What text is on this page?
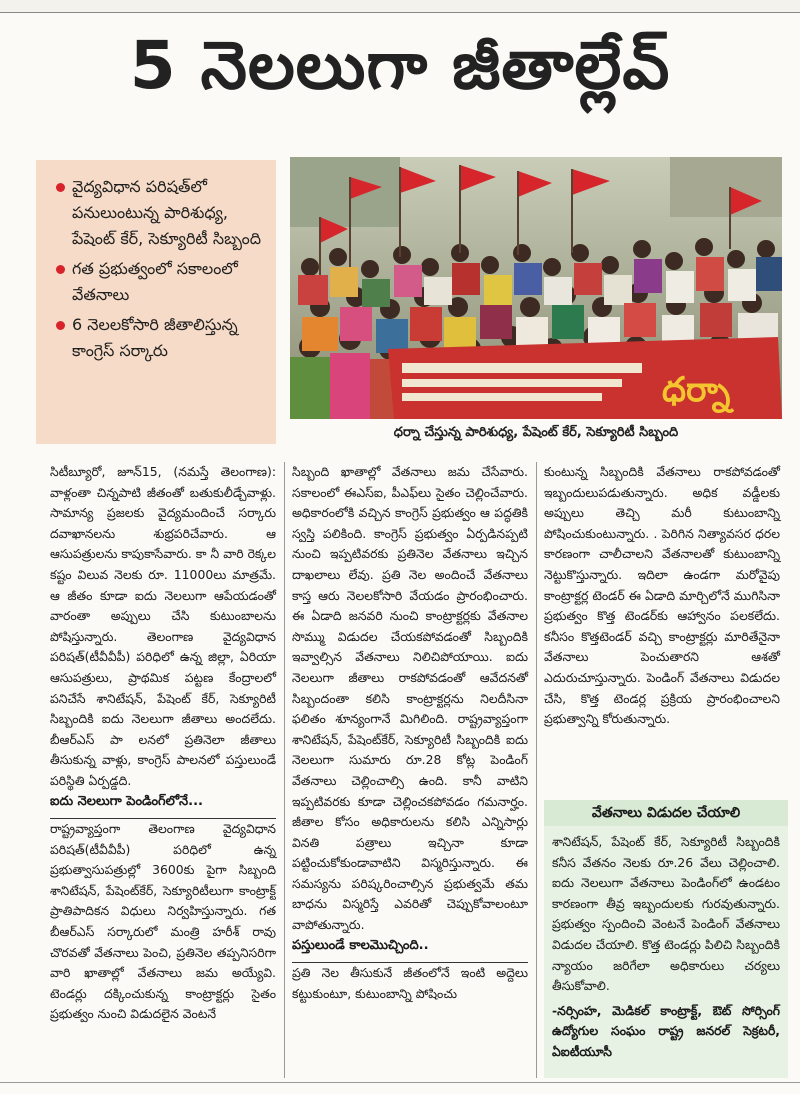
5 నెలలుగా జీతాల్లేవ్
వైద్యవిధాన పరిషత్‌లో పనులుంటున్న పారిశుధ్య, పేషెంట్ కేర్, సెక్యూరిటీ సిబ్బంది
గత ప్రభుత్వంలో సకాలంలో వేతనాలు
6 నెలలకోసారి జీతాలిస్తున్న కాంగ్రెస్ సర్కారు
ధర్నా
ధర్నా చేస్తున్న పారిశుధ్య, పేషెంట్ కేర్, సెక్యూరిటీ సిబ్బంది

సిటీబ్యూరో, జూన్15, (నమస్తే తెలంగాణ): వాళ్లంతా చిన్నపాటి జీతంతో బతుకులీడ్చేవాళ్లు. సామాన్య ప్రజలకు వైద్యమందించే సర్కారు దవాఖానలను శుభ్రపరిచేవారు. ఆ ఆసుపత్రులను కాపుకాసేవారు. కా నీ వారి రెక్కల కష్టం విలువ నెలకు రూ. 11000లు మాత్రమే. ఆ జీతం కూడా ఐదు నెలలుగా ఆపేయడంతో వారంతా అప్పులు చేసి కుటుంబాలను పోషిస్తున్నారు. తెలంగాణ వైద్యవిధాన పరిషత్(టీవీవీపీ) పరిధిలో ఉన్న జిల్లా, ఏరియా ఆసుపత్రులు, ప్రాథమిక పట్టణ కేంద్రాలలో పనిచేసే శానిటేషన్, పేషెంట్ కేర్, సెక్యూరిటీ సిబ్బందికి ఐదు నెలలుగా జీతాలు అందలేదు. బీఆర్ఎస్ పా లనలో ప్రతినెలా జీతాలు తీసుకున్న వాళ్లు, కాంగ్రెస్ పాలనలో పస్తులుండే పరిస్థితి ఏర్పడ్డది.

ఐదు నెలలుగా పెండింగ్‌లోనే...

రాష్ట్రవ్యాప్తంగా తెలంగాణ వైద్యవిధాన పరిషత్(టీవీవీపీ) పరిధిలో ఉన్న ప్రభుత్వాసుపత్రుల్లో 3600కు పైగా సిబ్బంది శానిటేషన్, పేషెంట్‌కేర్, సెక్యూరిటీలుగా కాంట్రాక్ట్ ప్రాతిపాదికన విధులు నిర్వహిస్తున్నారు. గత బీఆర్ఎస్ సర్కారులో మంత్రి హరీశ్ రావు చొరవతో వేతనాలు పెంచి, ప్రతినెల తప్పనిసరిగా వారి ఖాతాల్లో వేతనాలు జమ అయ్యేవి. టెండర్లు దక్కించుకున్న కాంట్రాక్టర్లు సైతం ప్రభుత్వం నుంచి విడుదలైన వెంటనే

సిబ్బంది ఖాతాల్లో వేతనాలు జమ చేసేవారు. సకాలంలో ఈఎస్ఐ, పీఎఫ్‌లు సైతం చెల్లించేవారు. అధికారంలోకి వచ్చిన కాంగ్రెస్ ప్రభుత్వం ఆ పద్ధతికి స్వస్తి పలికింది. కాంగ్రెస్ ప్రభుత్వం ఏర్పడినప్పటి నుంచి ఇప్పటివరకు ప్రతినెల వేతనాలు ఇచ్చిన దాఖలాలు లేవు. ప్రతి నెల అందించే వేతనాలు కాస్త ఆరు నెలలకోసారి వేయడం ప్రారంభించారు. ఈ ఏడాది జనవరి నుంచి కాంట్రాక్టర్లకు వేతనాల సొమ్ము విడుదల చేయకపోవడంతో సిబ్బందికి ఇవ్వాల్సిన వేతనాలు నిలిచిపోయాయి. ఐదు నెలలుగా జీతాలు రాకపోవడంతో ఆవేదనతో సిబ్బందంతా కలిసి కాంట్రాక్టర్లను నిలదీసినా ఫలితం శూన్యంగానే మిగిలింది. రాష్ట్రవ్యాప్తంగా శానిటేషన్, పేషెంట్‌కేర్, సెక్యూరిటీ సిబ్బందికి ఐదు నెలలుగా సుమారు రూ.28 కోట్ల పెండింగ్ వేతనాలు చెల్లించాల్సి ఉంది. కానీ వాటిని ఇప్పటివరకు కూడా చెల్లించకపోవడం గమనార్హం. జీతాల కోసం అధికారులను కలిసి ఎన్నిసార్లు వినతి పత్రాలు ఇచ్చినా కూడా పట్టించుకోకుండావాటిని విస్మరిస్తున్నారు. ఈ సమస్యను పరిష్కరించాల్సిన ప్రభుత్వమే తమ బాధను విస్మరిస్తే ఎవరితో చెప్పుకోవాలంటూ వాపోతున్నారు.

పస్తులుండే కాలమొచ్చింది..

ప్రతి నెల తీసుకునే జీతంలోనే ఇంటి అద్దెలు కట్టుకుంటూ, కుటుంబాన్ని పోషించు

కుంటున్న సిబ్బందికి వేతనాలు రాకపోవడంతో ఇబ్బందులుపడుతున్నారు. అధిక వడ్డీలకు అప్పులు తెచ్చి మరీ కుటుంబాన్ని పోషించుకుంటున్నారు. . పెరిగిన నిత్యావసర ధరల కారణంగా చాలీచాలని వేతనాలతో కుటుంబాన్ని నెట్టుకొస్తున్నారు. ఇదిలా ఉండగా మరోవైపు కాంట్రాక్టర్ల టెండర్ ఈ ఏడాది మార్చిలోనే ముగిసినా ప్రభుత్వం కొత్త టెండర్‌కు ఆహ్వానం పలకలేదు. కనీసం కొత్తటెండర్ వచ్చి కాంట్రాక్టర్లు మారితేనైనా వేతనాలు పెంచుతారని ఆశతో ఎదురుచూస్తున్నారు. పెండింగ్ వేతనాలు విడుదల చేసి, కొత్త టెండర్ల ప్రక్రియ ప్రారంభించాలని ప్రభుత్వాన్ని కోరుతున్నారు.

వేతనాలు విడుదల చేయాలి

శానిటేషన్, పేషెంట్ కేర్, సెక్యూరిటీ సిబ్బందికి కనీస వేతనం నెలకు రూ.26 వేలు చెల్లించాలి. ఐదు నెలలుగా వేతనాలు పెండింగ్‌లో ఉండటం కారణంగా తీవ్ర ఇబ్బందులకు గురవుతున్నారు. ప్రభుత్వం స్పందించి వెంటనే పెండింగ్ వేతనాలు విడుదల చేయాలి. కొత్త టెండర్లు పిలిచి సిబ్బందికి న్యాయం జరిగేలా అధికారులు చర్యలు తీసుకోవాలి.

-నర్సింహ, మెడికల్ కాంట్రాక్ట్, ఔట్ సోర్సింగ్ ఉద్యోగుల సంఘం రాష్ట్ర జనరల్ సెక్రటరీ, ఏఐటీయూసీ
